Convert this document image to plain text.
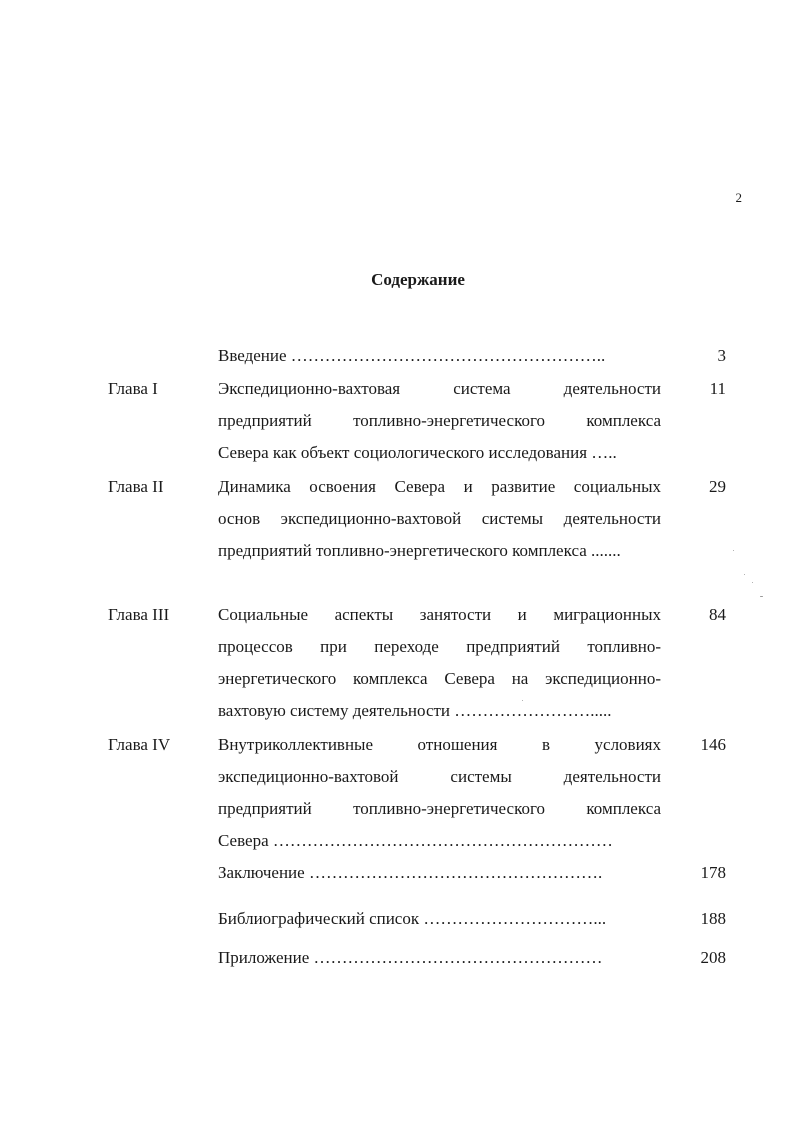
2
Содержание
Введение ………………………………………………..	3
Глава I	Экспедиционно-вахтовая система деятельности
предприятий топливно-энергетического комплекса
Севера как объект социологического исследования …..
11
Глава II	Динамика освоения Севера и развитие социальных
основ экспедиционно-вахтовой системы деятельности
предприятий топливно-энергетического комплекса .......
29
Глава III	Социальные аспекты занятости и миграционных
процессов при переходе предприятий топливно-
энергетического комплекса Севера на экспедиционно-
вахтовую систему деятельности …………………….....
84
Глава IV	Внутриколлективные отношения в условиях
экспедиционно-вахтовой системы деятельности
предприятий топливно-энергетического комплекса
Севера ……………………………………………………
146
Заключение …………………………………………….	178
Библиографический список …………………………...	188
Приложение ……………………………………………	208
